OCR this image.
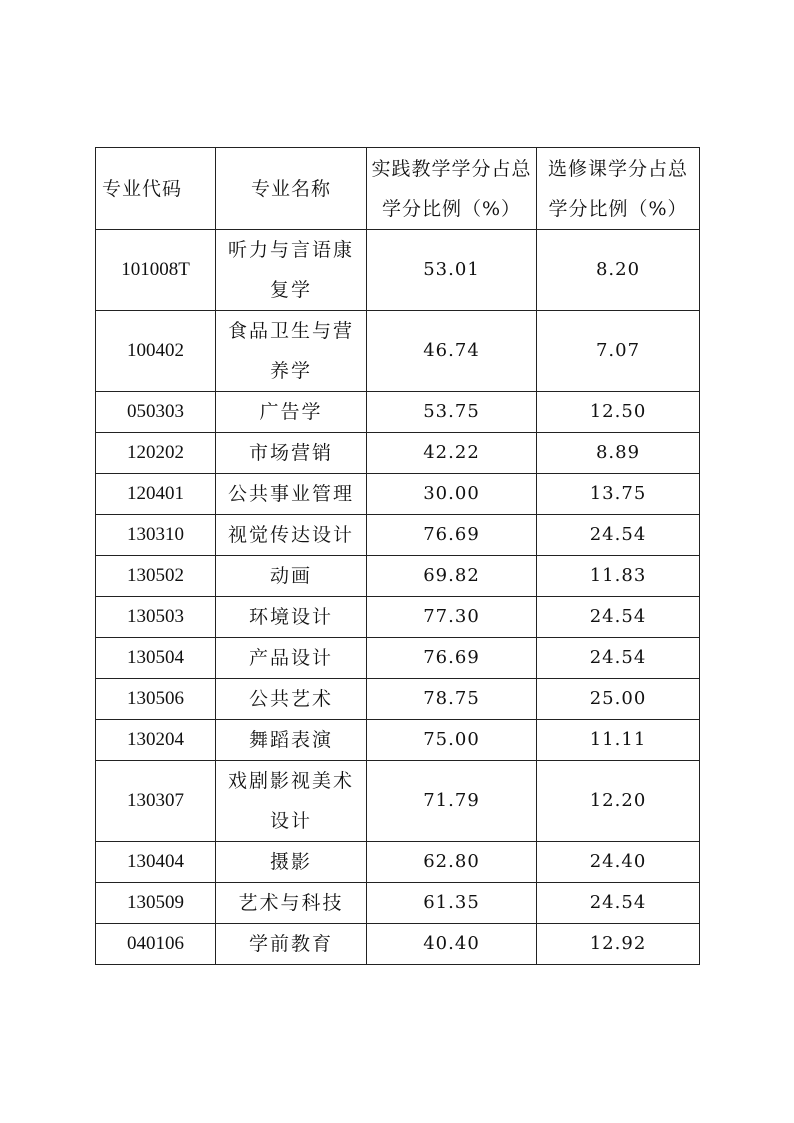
专业代码	专业名称	实践教学学分占总学分比例（%）	选修课学分占总学分比例（%）
101008T	听力与言语康复学	53.01	8.20
100402	食品卫生与营养学	46.74	7.07
050303	广告学	53.75	12.50
120202	市场营销	42.22	8.89
120401	公共事业管理	30.00	13.75
130310	视觉传达设计	76.69	24.54
130502	动画	69.82	11.83
130503	环境设计	77.30	24.54
130504	产品设计	76.69	24.54
130506	公共艺术	78.75	25.00
130204	舞蹈表演	75.00	11.11
130307	戏剧影视美术设计	71.79	12.20
130404	摄影	62.80	24.40
130509	艺术与科技	61.35	24.54
040106	学前教育	40.40	12.92
